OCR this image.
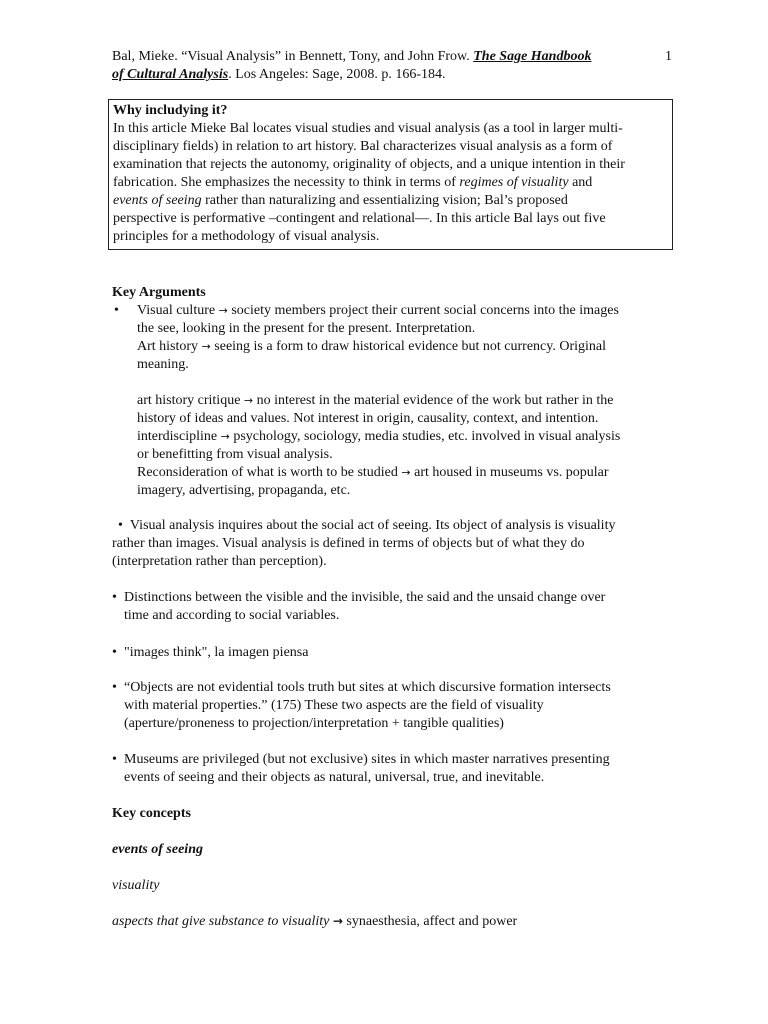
Bal, Mieke. “Visual Analysis” in Bennett, Tony, and John Frow. The Sage Handbook
of Cultural Analysis. Los Angeles: Sage, 2008. p. 166-184.
1
Why includying it?
In this article Mieke Bal locates visual studies and visual analysis (as a tool in larger multi-
disciplinary fields) in relation to art history. Bal characterizes visual analysis as a form of
examination that rejects the autonomy, originality of objects, and a unique intention in their
fabrication. She emphasizes the necessity to think in terms of regimes of visuality and
events of seeing rather than naturalizing and essentializing vision; Bal’s proposed
perspective is performative –contingent and relational—. In this article Bal lays out five
principles for a methodology of visual analysis.
Key Arguments
• Visual culture → society members project their current social concerns into the images
the see, looking in the present for the present. Interpretation.
Art history → seeing is a form to draw historical evidence but not currency. Original
meaning.
art history critique → no interest in the material evidence of the work but rather in the
history of ideas and values. Not interest in origin, causality, context, and intention.
interdiscipline → psychology, sociology, media studies, etc. involved in visual analysis
or benefitting from visual analysis.
Reconsideration of what is worth to be studied → art housed in museums vs. popular
imagery, advertising, propaganda, etc.
• Visual analysis inquires about the social act of seeing. Its object of analysis is visuality
rather than images. Visual analysis is defined in terms of objects but of what they do
(interpretation rather than perception).
• Distinctions between the visible and the invisible, the said and the unsaid change over
time and according to social variables.
• "images think", la imagen piensa
• “Objects are not evidential tools truth but sites at which discursive formation intersects
with material properties.” (175) These two aspects are the field of visuality
(aperture/proneness to projection/interpretation + tangible qualities)
• Museums are privileged (but not exclusive) sites in which master narratives presenting
events of seeing and their objects as natural, universal, true, and inevitable.
Key concepts
events of seeing
visuality
aspects that give substance to visuality → synaesthesia, affect and power
